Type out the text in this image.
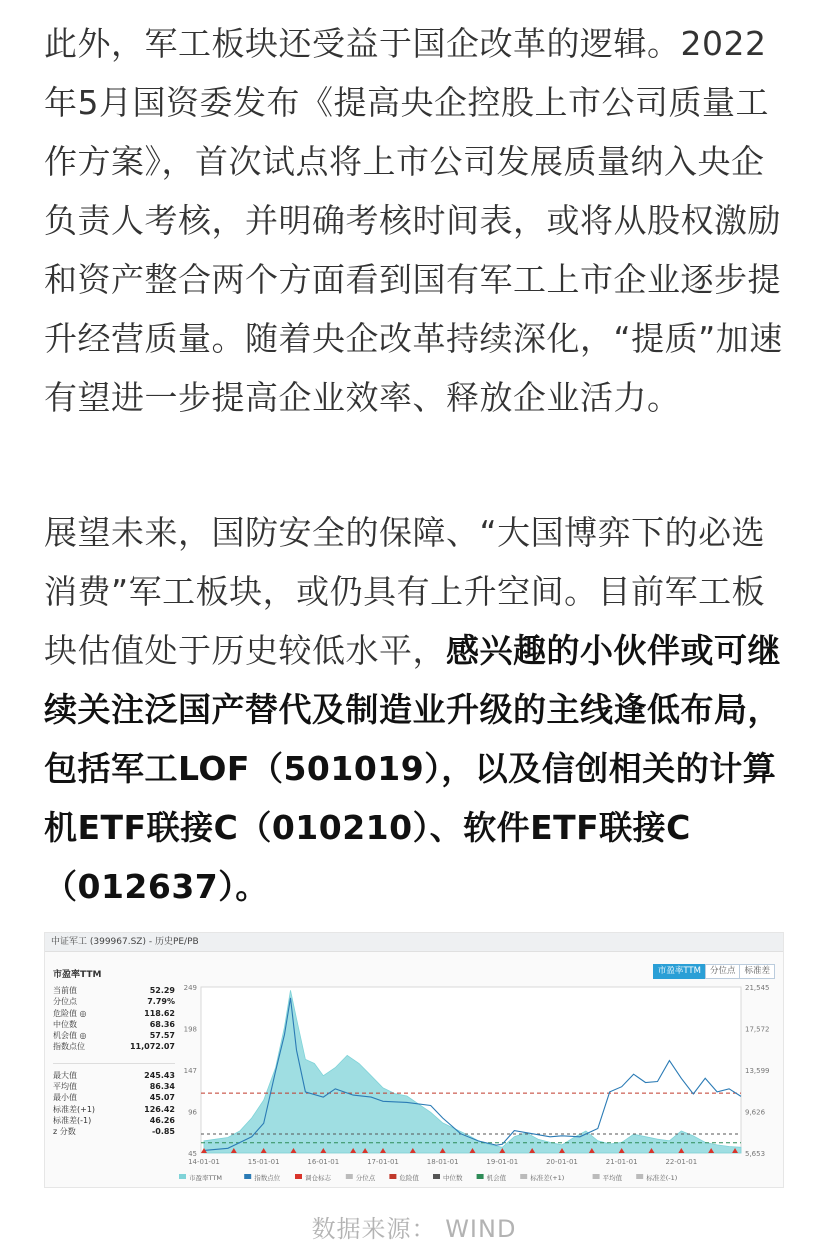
此外，军工板块还受益于国企改革的逻辑。2022年5月国资委发布《提高央企控股上市公司质量工作方案》，首次试点将上市公司发展质量纳入央企负责人考核，并明确考核时间表，或将从股权激励和资产整合两个方面看到国有军工上市企业逐步提升经营质量。随着央企改革持续深化，“提质”加速有望进一步提高企业效率、释放企业活力。
展望未来，国防安全的保障、“大国博弈下的必选消费”军工板块，或仍具有上升空间。目前军工板块估值处于历史较低水平，感兴趣的小伙伴或可继续关注泛国产替代及制造业升级的主线逢低布局，包括军工LOF（501019），以及信创相关的计算机ETF联接C（010210）、软件ETF联接C（012637）。
中证军工 (399967.SZ) - 历史PE/PB
市盈率TTM	市盈率TTM	分位点	标准差
当前值	52.29
分位点	7.79%
危险值 ◎	118.62
中位数	68.36
机会值 ◎	57.57
指数点位	11,072.07
最大值	245.43
平均值	86.34
最小值	45.07
标准差(+1)	126.42
标准差(-1)	46.26
z 分数	-0.85
45
96
147
198
249
5,653
9,626
13,599
17,572
21,545
14-01-01	15-01-01	16-01-01	17-01-01	18-01-01	19-01-01	20-01-01	21-01-01	22-01-01
市盈率TTM	指数点位	调仓标志	分位点	危险值	中位数	机会值	标准差(+1)	平均值	标准差(-1)
数据来源： WIND
